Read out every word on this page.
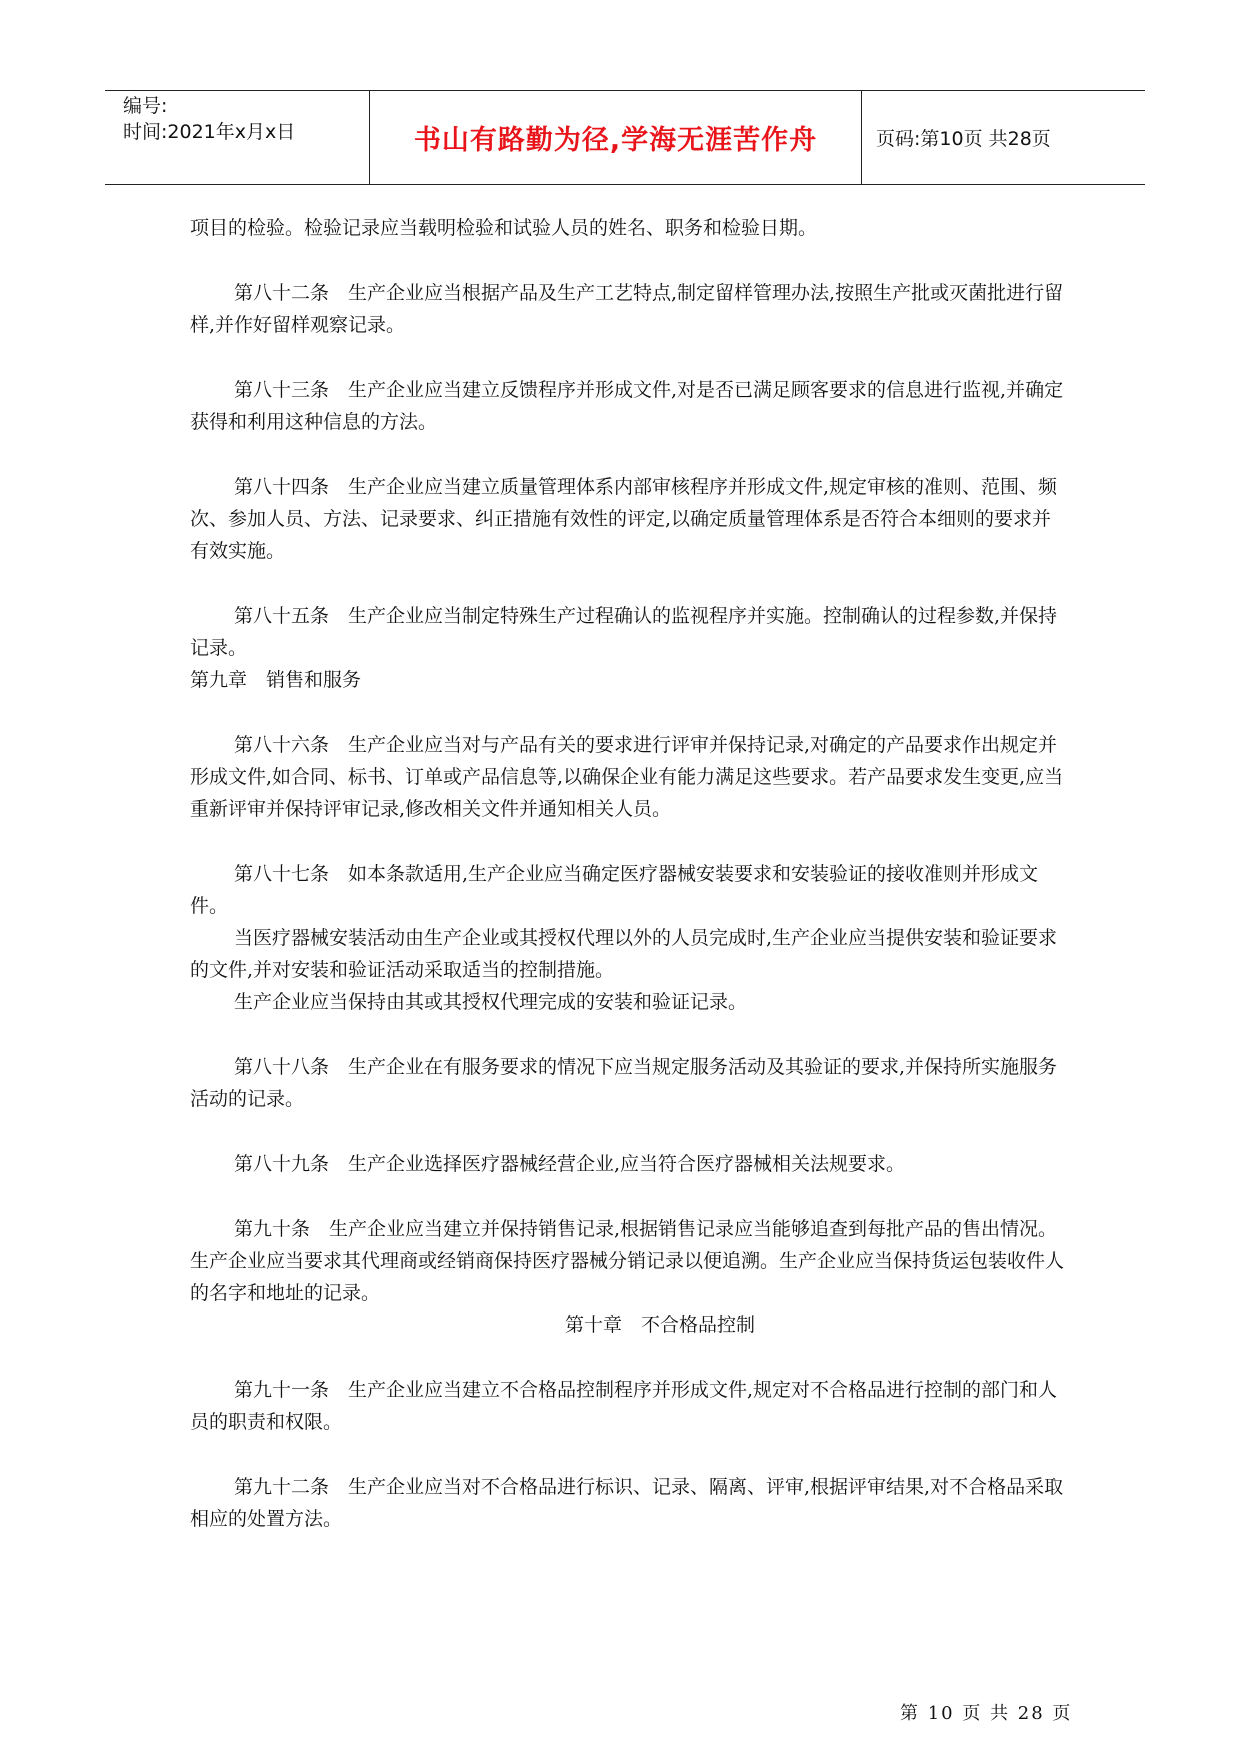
编号:
时间:2021年x月x日	书山有路勤为径,学海无涯苦作舟	页码:第10页 共28页

项目的检验。检验记录应当载明检验和试验人员的姓名、职务和检验日期。

第八十二条　生产企业应当根据产品及生产工艺特点,制定留样管理办法,按照生产批或灭菌批进行留样,并作好留样观察记录。

第八十三条　生产企业应当建立反馈程序并形成文件,对是否已满足顾客要求的信息进行监视,并确定获得和利用这种信息的方法。

第八十四条　生产企业应当建立质量管理体系内部审核程序并形成文件,规定审核的准则、范围、频次、参加人员、方法、记录要求、纠正措施有效性的评定,以确定质量管理体系是否符合本细则的要求并有效实施。

第八十五条　生产企业应当制定特殊生产过程确认的监视程序并实施。控制确认的过程参数,并保持记录。

第九章　销售和服务

第八十六条　生产企业应当对与产品有关的要求进行评审并保持记录,对确定的产品要求作出规定并形成文件,如合同、标书、订单或产品信息等,以确保企业有能力满足这些要求。若产品要求发生变更,应当重新评审并保持评审记录,修改相关文件并通知相关人员。

第八十七条　如本条款适用,生产企业应当确定医疗器械安装要求和安装验证的接收准则并形成文件。

当医疗器械安装活动由生产企业或其授权代理以外的人员完成时,生产企业应当提供安装和验证要求的文件,并对安装和验证活动采取适当的控制措施。

生产企业应当保持由其或其授权代理完成的安装和验证记录。

第八十八条　生产企业在有服务要求的情况下应当规定服务活动及其验证的要求,并保持所实施服务活动的记录。

第八十九条　生产企业选择医疗器械经营企业,应当符合医疗器械相关法规要求。

第九十条　生产企业应当建立并保持销售记录,根据销售记录应当能够追查到每批产品的售出情况。生产企业应当要求其代理商或经销商保持医疗器械分销记录以便追溯。生产企业应当保持货运包装收件人的名字和地址的记录。

第十章　不合格品控制

第九十一条　生产企业应当建立不合格品控制程序并形成文件,规定对不合格品进行控制的部门和人员的职责和权限。

第九十二条　生产企业应当对不合格品进行标识、记录、隔离、评审,根据评审结果,对不合格品采取相应的处置方法。

第 10 页 共 28 页
